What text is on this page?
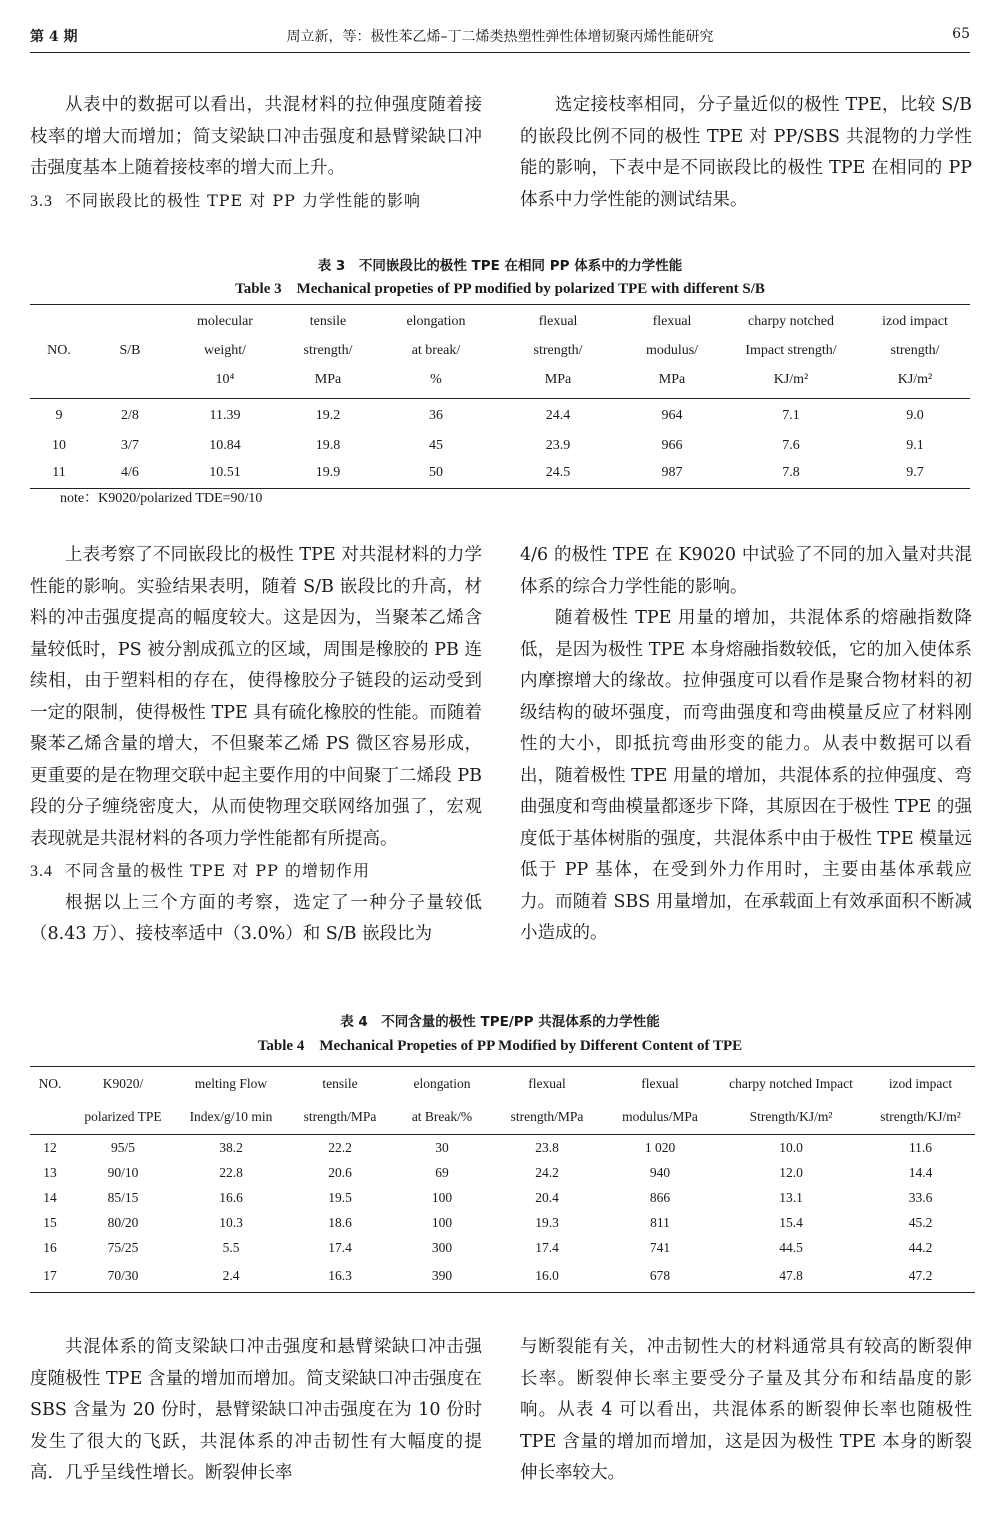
第 4 期	周立新，等：极性苯乙烯–丁二烯类热塑性弹性体增韧聚丙烯性能研究	65

从表中的数据可以看出，共混材料的拉伸强度随着接枝率的增大而增加；简支梁缺口冲击强度和悬臂梁缺口冲击强度基本上随着接枝率的增大而上升。

3.3 不同嵌段比的极性 TPE 对 PP 力学性能的影响

选定接枝率相同，分子量近似的极性 TPE，比较 S/B 的嵌段比例不同的极性 TPE 对 PP/SBS 共混物的力学性能的影响，下表中是不同嵌段比的极性 TPE 在相同的 PP 体系中力学性能的测试结果。

表 3　不同嵌段比的极性 TPE 在相同 PP 体系中的力学性能
Table 3　Mechanical propeties of PP modified by polarized TPE with different S/B
		molecular	tensile	elongation	flexual	flexual	charpy notched	izod impact
NO.	S/B	weight/	strength/	at break/	strength/	modulus/	Impact strength/	strength/
		10⁴	MPa	%	MPa	MPa	KJ/m²	KJ/m²
9	2/8	11.39	19.2	36	24.4	964	7.1	9.0
10	3/7	10.84	19.8	45	23.9	966	7.6	9.1
11	4/6	10.51	19.9	50	24.5	987	7.8	9.7
note：K9020/polarized TDE=90/10

上表考察了不同嵌段比的极性 TPE 对共混材料的力学性能的影响。实验结果表明，随着 S/B 嵌段比的升高，材料的冲击强度提高的幅度较大。这是因为，当聚苯乙烯含量较低时，PS 被分割成孤立的区域，周围是橡胶的 PB 连续相，由于塑料相的存在，使得橡胶分子链段的运动受到一定的限制，使得极性 TPE 具有硫化橡胶的性能。而随着聚苯乙烯含量的增大，不但聚苯乙烯 PS 微区容易形成，更重要的是在物理交联中起主要作用的中间聚丁二烯段 PB 段的分子缠绕密度大，从而使物理交联网络加强了，宏观表现就是共混材料的各项力学性能都有所提高。

3.4 不同含量的极性 TPE 对 PP 的增韧作用

根据以上三个方面的考察，选定了一种分子量较低（8.43 万）、接枝率适中（3.0%）和 S/B 嵌段比为

4/6 的极性 TPE 在 K9020 中试验了不同的加入量对共混体系的综合力学性能的影响。

随着极性 TPE 用量的增加，共混体系的熔融指数降低，是因为极性 TPE 本身熔融指数较低，它的加入使体系内摩擦增大的缘故。拉伸强度可以看作是聚合物材料的初级结构的破坏强度，而弯曲强度和弯曲模量反应了材料刚性的大小，即抵抗弯曲形变的能力。从表中数据可以看出，随着极性 TPE 用量的增加，共混体系的拉伸强度、弯曲强度和弯曲模量都逐步下降，其原因在于极性 TPE 的强度低于基体树脂的强度，共混体系中由于极性 TPE 模量远低于 PP 基体，在受到外力作用时，主要由基体承载应力。而随着 SBS 用量增加，在承载面上有效承面积不断减小造成的。

表 4　不同含量的极性 TPE/PP 共混体系的力学性能
Table 4　Mechanical Propeties of PP Modified by Different Content of TPE
NO.	K9020/	melting Flow	tensile	elongation	flexual	flexual	charpy notched Impact	izod impact
	polarized TPE	Index/g/10 min	strength/MPa	at Break/%	strength/MPa	modulus/MPa	Strength/KJ/m²	strength/KJ/m²
12	95/5	38.2	22.2	30	23.8	1 020	10.0	11.6
13	90/10	22.8	20.6	69	24.2	940	12.0	14.4
14	85/15	16.6	19.5	100	20.4	866	13.1	33.6
15	80/20	10.3	18.6	100	19.3	811	15.4	45.2
16	75/25	5.5	17.4	300	17.4	741	44.5	44.2
17	70/30	2.4	16.3	390	16.0	678	47.8	47.2

共混体系的简支梁缺口冲击强度和悬臂梁缺口冲击强度随极性 TPE 含量的增加而增加。简支梁缺口冲击强度在 SBS 含量为 20 份时，悬臂梁缺口冲击强度在为 10 份时发生了很大的飞跃，共混体系的冲击韧性有大幅度的提高．几乎呈线性增长。断裂伸长率

与断裂能有关，冲击韧性大的材料通常具有较高的断裂伸长率。断裂伸长率主要受分子量及其分布和结晶度的影响。从表 4 可以看出，共混体系的断裂伸长率也随极性 TPE 含量的增加而增加，这是因为极性 TPE 本身的断裂伸长率较大。
